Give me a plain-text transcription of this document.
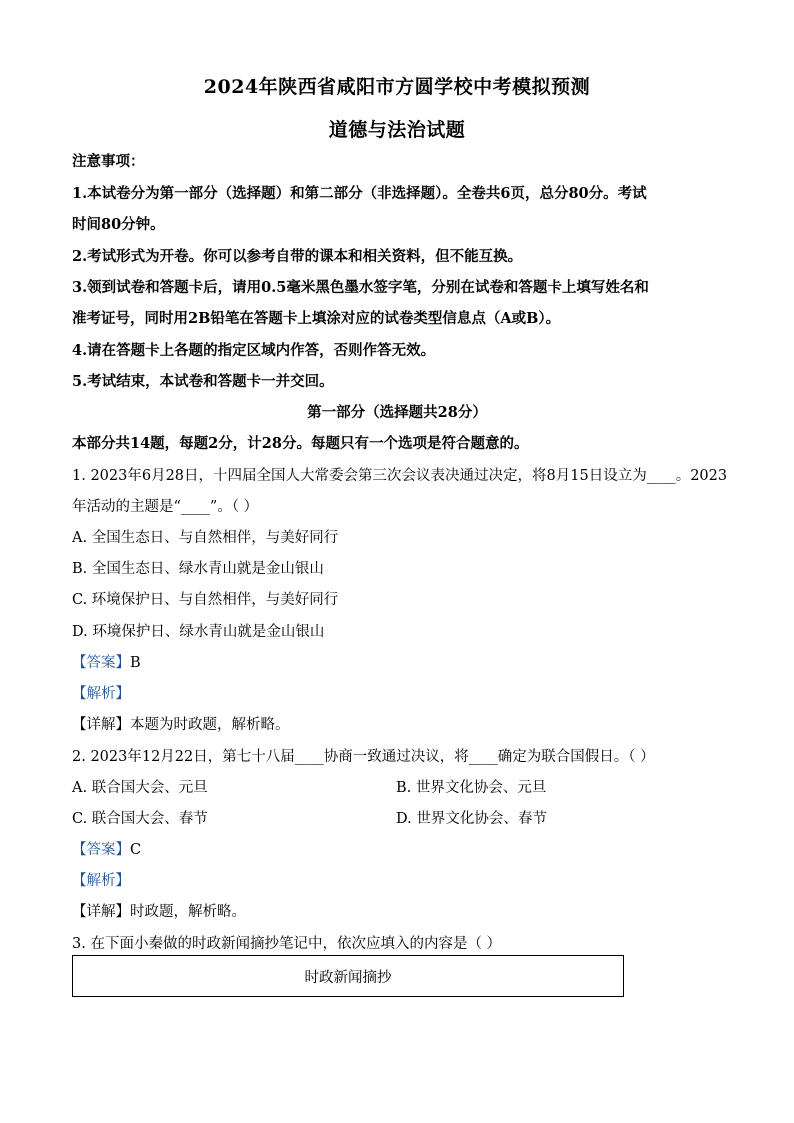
2024年陕西省咸阳市方圆学校中考模拟预测
道德与法治试题
注意事项：
1.本试卷分为第一部分（选择题）和第二部分（非选择题）。全卷共6页，总分80分。考试
时间80分钟。
2.考试形式为开卷。你可以参考自带的课本和相关资料，但不能互换。
3.领到试卷和答题卡后，请用0.5毫米黑色墨水签字笔，分别在试卷和答题卡上填写姓名和
准考证号，同时用2B铅笔在答题卡上填涂对应的试卷类型信息点（A或B）。
4.请在答题卡上各题的指定区域内作答，否则作答无效。
5.考试结束，本试卷和答题卡一并交回。
第一部分（选择题共28分）
本部分共14题，每题2分，计28分。每题只有一个选项是符合题意的。
1. 2023年6月28日，十四届全国人大常委会第三次会议表决通过决定，将8月15日设立为____。2023
年活动的主题是“____”。（ ）
A. 全国生态日、与自然相伴，与美好同行
B. 全国生态日、绿水青山就是金山银山
C. 环境保护日、与自然相伴，与美好同行
D. 环境保护日、绿水青山就是金山银山
【答案】B
【解析】
【详解】本题为时政题，解析略。
2. 2023年12月22日，第七十八届____协商一致通过决议，将____确定为联合国假日。（ ）
A. 联合国大会、元旦	B. 世界文化协会、元旦
C. 联合国大会、春节	D. 世界文化协会、春节
【答案】C
【解析】
【详解】时政题，解析略。
3. 在下面小秦做的时政新闻摘抄笔记中，依次应填入的内容是（ ）
时政新闻摘抄
